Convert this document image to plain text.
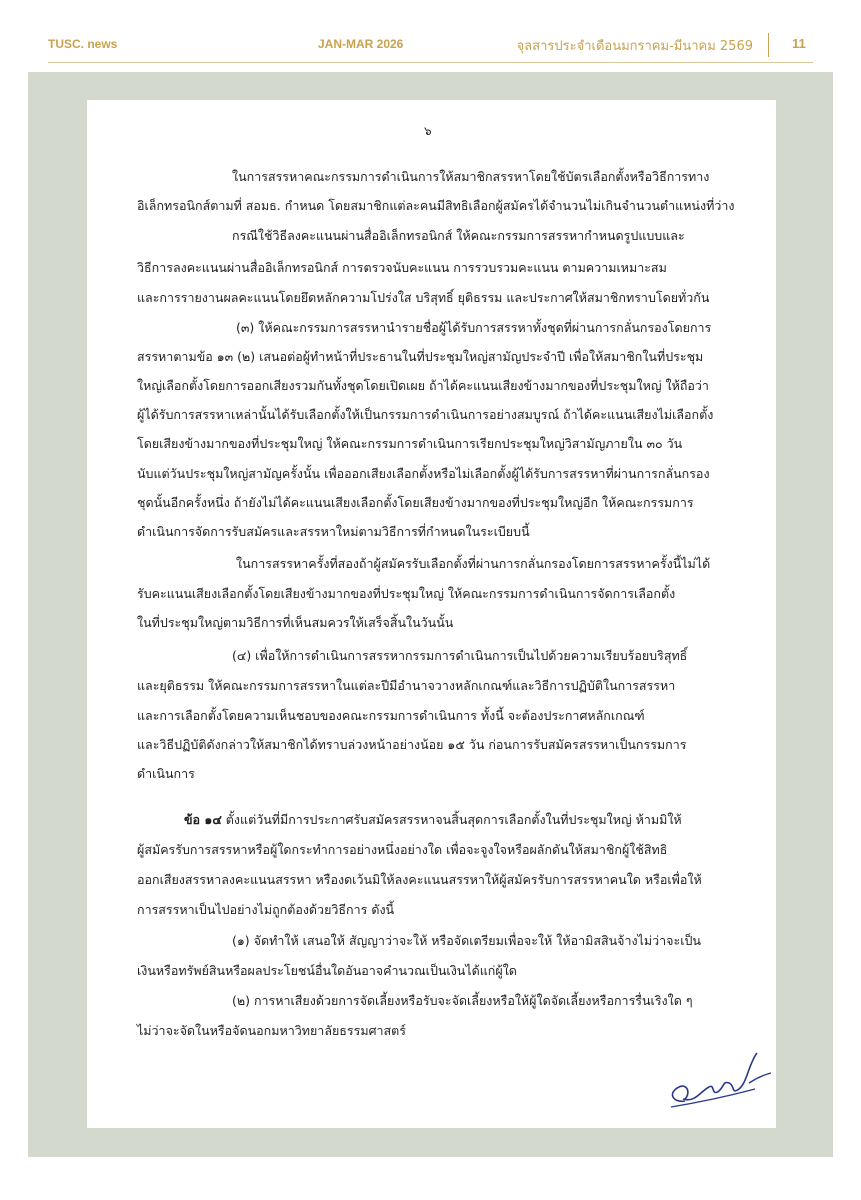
TUSC. news	JAN-MAR 2026	จุลสารประจำเดือนมกราคม-มีนาคม 2569	11
๖
ในการสรรหาคณะกรรมการดำเนินการให้สมาชิกสรรหาโดยใช้บัตรเลือกตั้งหรือวิธีการทาง
อิเล็กทรอนิกส์ตามที่ สอมธ. กำหนด โดยสมาชิกแต่ละคนมีสิทธิเลือกผู้สมัครได้จำนวนไม่เกินจำนวนตำแหน่งที่ว่าง
กรณีใช้วิธีลงคะแนนผ่านสื่ออิเล็กทรอนิกส์ ให้คณะกรรมการสรรหากำหนดรูปแบบและ
วิธีการลงคะแนนผ่านสื่ออิเล็กทรอนิกส์ การตรวจนับคะแนน การรวบรวมคะแนน ตามความเหมาะสม
และการรายงานผลคะแนนโดยยึดหลักความโปร่งใส บริสุทธิ์ ยุติธรรม และประกาศให้สมาชิกทราบโดยทั่วกัน
(๓) ให้คณะกรรมการสรรหานำรายชื่อผู้ได้รับการสรรหาทั้งชุดที่ผ่านการกลั่นกรองโดยการ
สรรหาตามข้อ ๑๓ (๒) เสนอต่อผู้ทำหน้าที่ประธานในที่ประชุมใหญ่สามัญประจำปี เพื่อให้สมาชิกในที่ประชุม
ใหญ่เลือกตั้งโดยการออกเสียงรวมกันทั้งชุดโดยเปิดเผย ถ้าได้คะแนนเสียงข้างมากของที่ประชุมใหญ่ ให้ถือว่า
ผู้ได้รับการสรรหาเหล่านั้นได้รับเลือกตั้งให้เป็นกรรมการดำเนินการอย่างสมบูรณ์ ถ้าได้คะแนนเสียงไม่เลือกตั้ง
โดยเสียงข้างมากของที่ประชุมใหญ่ ให้คณะกรรมการดำเนินการเรียกประชุมใหญ่วิสามัญภายใน ๓๐ วัน
นับแต่วันประชุมใหญ่สามัญครั้งนั้น เพื่อออกเสียงเลือกตั้งหรือไม่เลือกตั้งผู้ได้รับการสรรหาที่ผ่านการกลั่นกรอง
ชุดนั้นอีกครั้งหนึ่ง ถ้ายังไม่ได้คะแนนเสียงเลือกตั้งโดยเสียงข้างมากของที่ประชุมใหญ่อีก ให้คณะกรรมการ
ดำเนินการจัดการรับสมัครและสรรหาใหม่ตามวิธีการที่กำหนดในระเบียบนี้
ในการสรรหาครั้งที่สองถ้าผู้สมัครรับเลือกตั้งที่ผ่านการกลั่นกรองโดยการสรรหาครั้งนี้ไม่ได้
รับคะแนนเสียงเลือกตั้งโดยเสียงข้างมากของที่ประชุมใหญ่ ให้คณะกรรมการดำเนินการจัดการเลือกตั้ง
ในที่ประชุมใหญ่ตามวิธีการที่เห็นสมควรให้เสร็จสิ้นในวันนั้น
(๔) เพื่อให้การดำเนินการสรรหากรรมการดำเนินการเป็นไปด้วยความเรียบร้อยบริสุทธิ์
และยุติธรรม ให้คณะกรรมการสรรหาในแต่ละปีมีอำนาจวางหลักเกณฑ์และวิธีการปฏิบัติในการสรรหา
และการเลือกตั้งโดยความเห็นชอบของคณะกรรมการดำเนินการ ทั้งนี้ จะต้องประกาศหลักเกณฑ์
และวิธีปฏิบัติดังกล่าวให้สมาชิกได้ทราบล่วงหน้าอย่างน้อย ๑๕ วัน ก่อนการรับสมัครสรรหาเป็นกรรมการ
ดำเนินการ
ข้อ ๑๔ ตั้งแต่วันที่มีการประกาศรับสมัครสรรหาจนสิ้นสุดการเลือกตั้งในที่ประชุมใหญ่ ห้ามมิให้
ผู้สมัครรับการสรรหาหรือผู้ใดกระทำการอย่างหนึ่งอย่างใด เพื่อจะจูงใจหรือผลักดันให้สมาชิกผู้ใช้สิทธิ
ออกเสียงสรรหาลงคะแนนสรรหา หรืองดเว้นมิให้ลงคะแนนสรรหาให้ผู้สมัครรับการสรรหาคนใด หรือเพื่อให้
การสรรหาเป็นไปอย่างไม่ถูกต้องด้วยวิธีการ ดังนี้
(๑) จัดทำให้ เสนอให้ สัญญาว่าจะให้ หรือจัดเตรียมเพื่อจะให้ ให้อามิสสินจ้างไม่ว่าจะเป็น
เงินหรือทรัพย์สินหรือผลประโยชน์อื่นใดอันอาจคำนวณเป็นเงินได้แก่ผู้ใด
(๒) การหาเสียงด้วยการจัดเลี้ยงหรือรับจะจัดเลี้ยงหรือให้ผู้ใดจัดเลี้ยงหรือการรื่นเริงใด ๆ
ไม่ว่าจะจัดในหรือจัดนอกมหาวิทยาลัยธรรมศาสตร์
